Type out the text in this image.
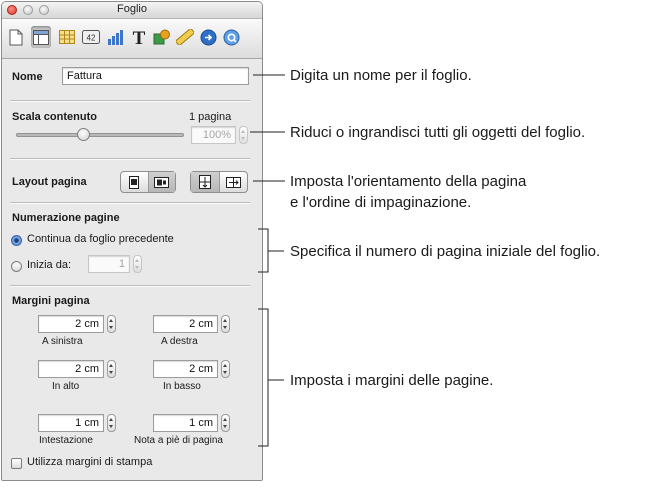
Foglio
42 T
Nome	Fattura
Scala contenuto	1 pagina
100%
Layout pagina
Numerazione pagine
Continua da foglio precedente
Inizia da:	1
Margini pagina
2 cm
A sinistra
2 cm
A destra
2 cm
In alto
2 cm
In basso
1 cm
Intestazione
1 cm
Nota a piè di pagina
Utilizza margini di stampa
Digita un nome per il foglio.
Riduci o ingrandisci tutti gli oggetti del foglio.
Imposta l'orientamento della pagina
e l'ordine di impaginazione.
Specifica il numero di pagina iniziale del foglio.
Imposta i margini delle pagine.
